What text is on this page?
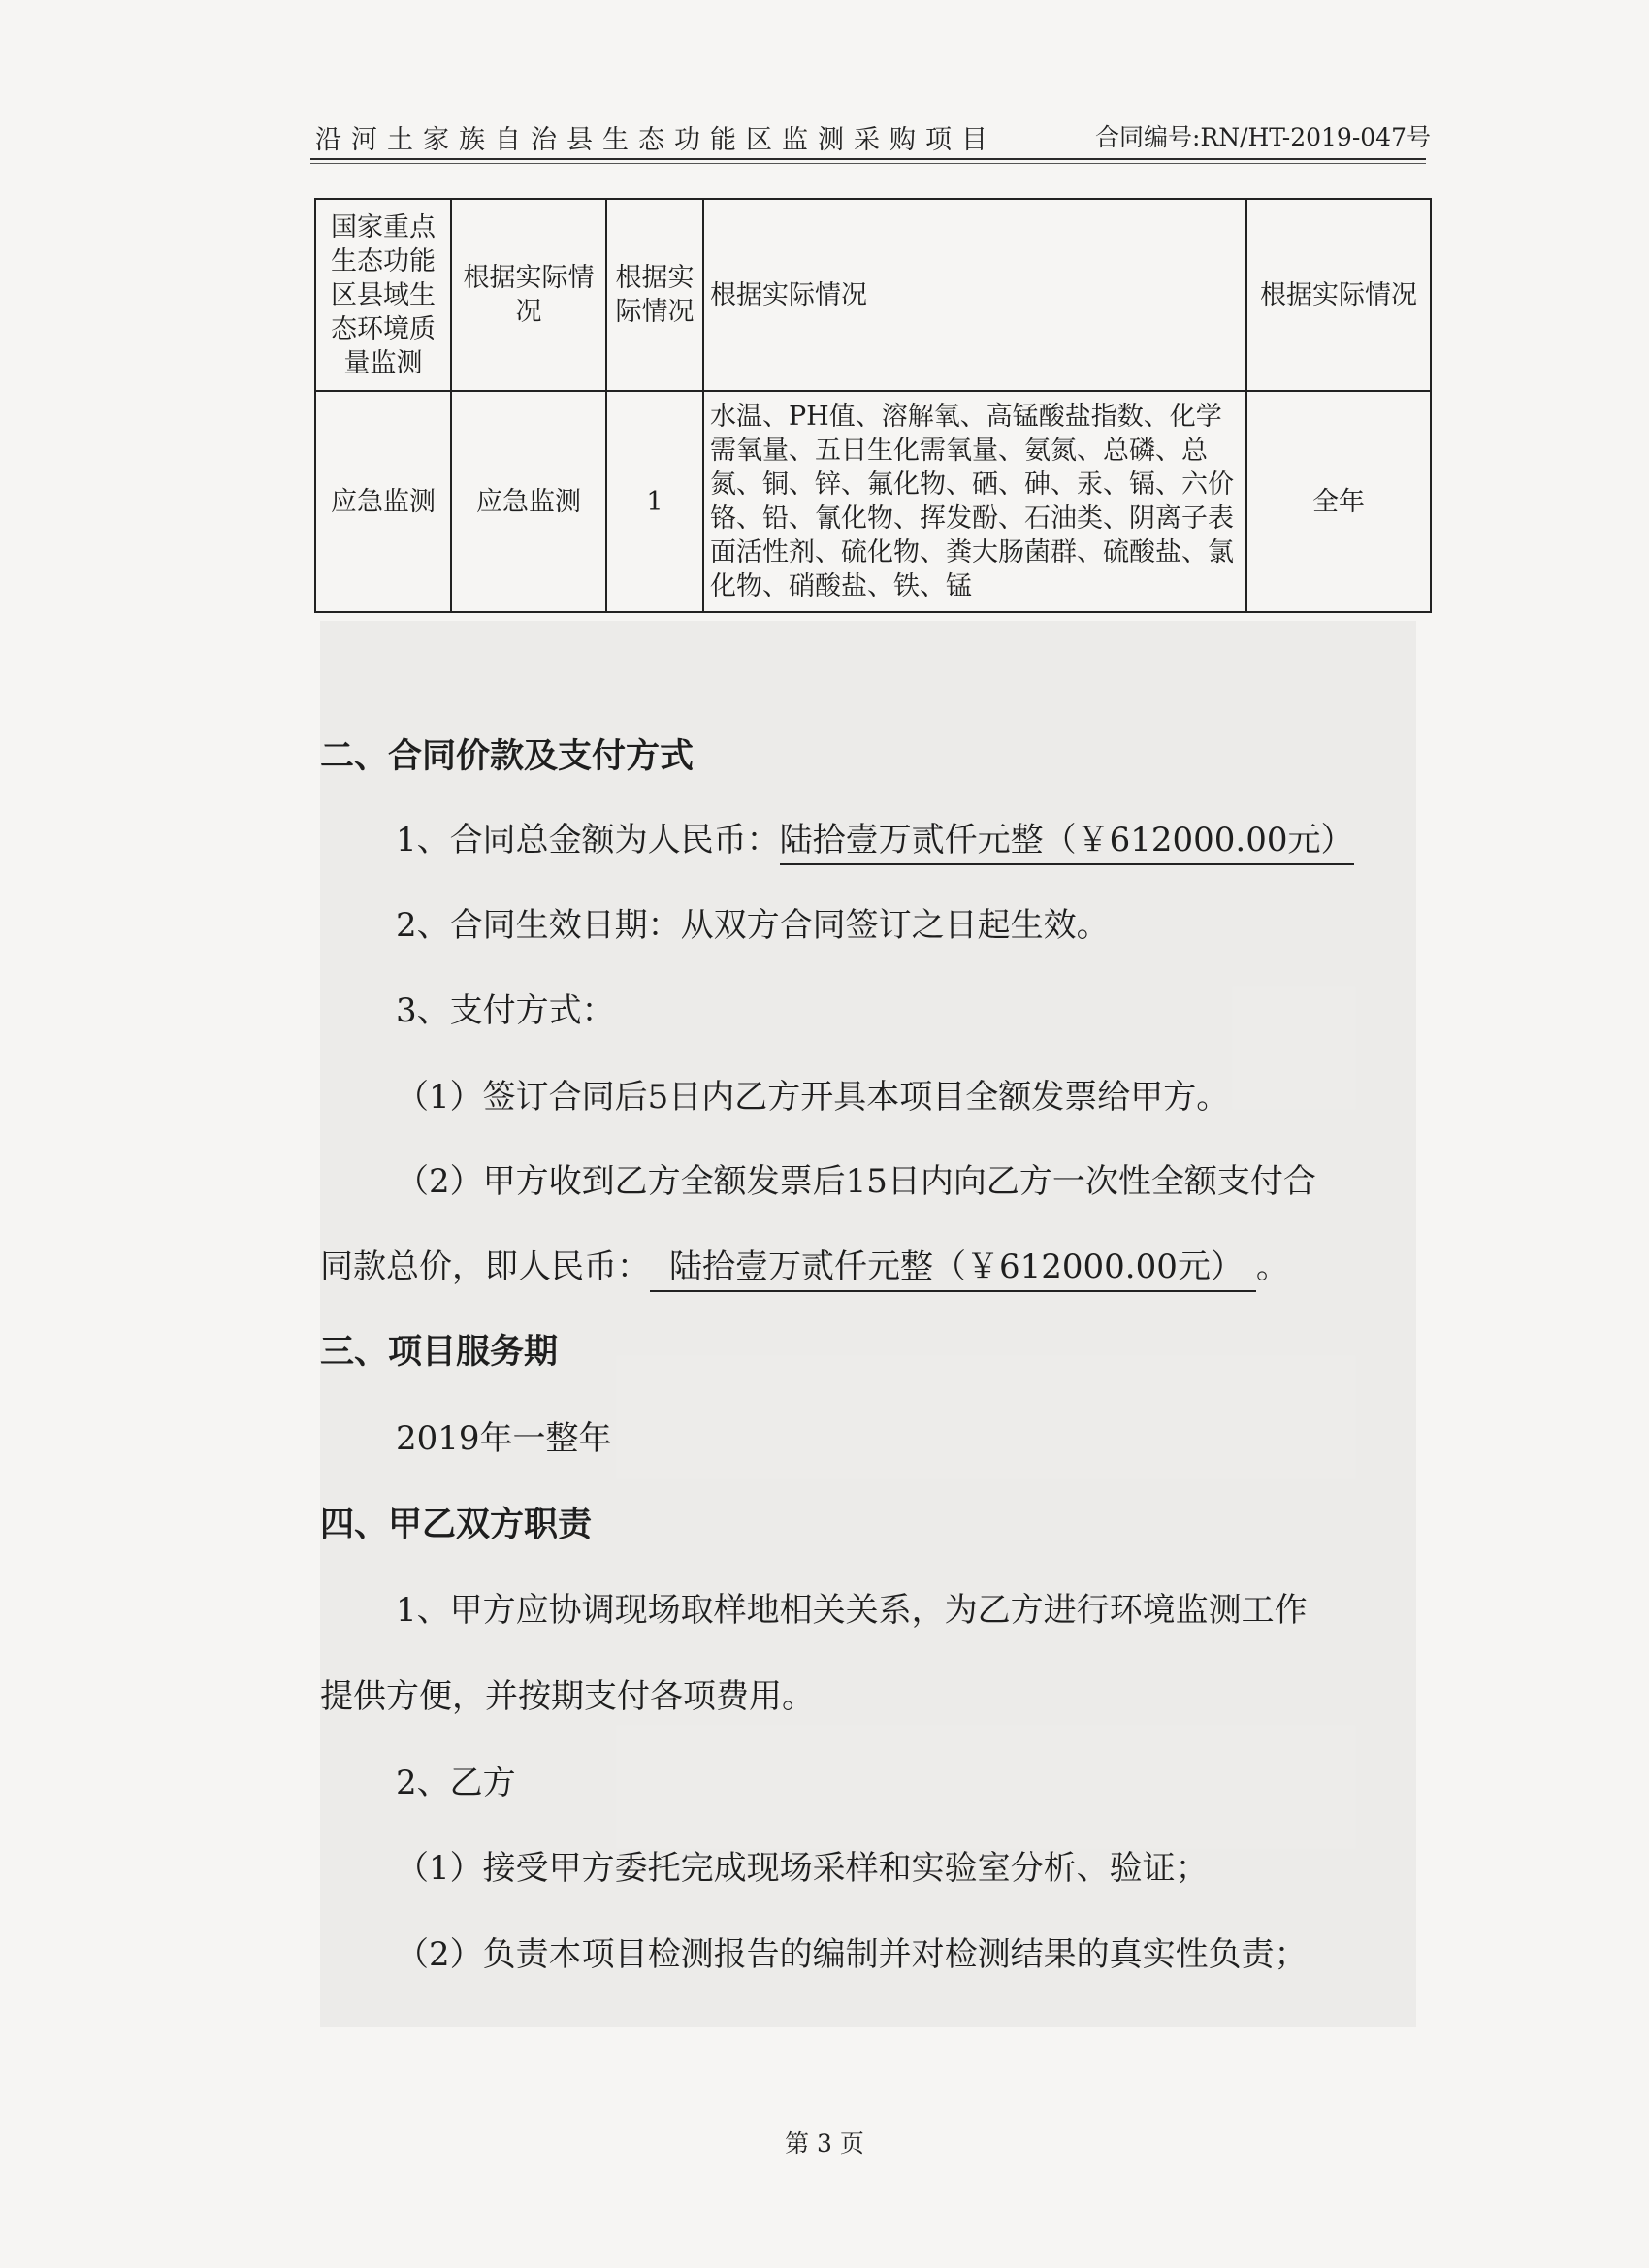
沿河土家族自治县生态功能区监测采购项目	合同编号:RN/HT-2019-047号
国家重点生态功能区县域生态环境质量监测	根据实际情况	根据实际情况	根据实际情况	根据实际情况
应急监测	应急监测	1	水温、PH值、溶解氧、高锰酸盐指数、化学需氧量、五日生化需氧量、氨氮、总磷、总氮、铜、锌、氟化物、硒、砷、汞、镉、六价铬、铅、氰化物、挥发酚、石油类、阴离子表面活性剂、硫化物、粪大肠菌群、硫酸盐、氯化物、硝酸盐、铁、锰	全年
二、合同价款及支付方式
1、合同总金额为人民币：陆拾壹万贰仟元整（￥612000.00元）
2、合同生效日期：从双方合同签订之日起生效。
3、支付方式：
（1）签订合同后5日内乙方开具本项目全额发票给甲方。
（2）甲方收到乙方全额发票后15日内向乙方一次性全额支付合
同款总价，即人民币： 陆拾壹万贰仟元整（￥612000.00元） 。
三、项目服务期
2019年一整年
四、甲乙双方职责
1、甲方应协调现场取样地相关关系，为乙方进行环境监测工作
提供方便，并按期支付各项费用。
2、乙方
（1）接受甲方委托完成现场采样和实验室分析、验证；
（2）负责本项目检测报告的编制并对检测结果的真实性负责；
第 3 页
